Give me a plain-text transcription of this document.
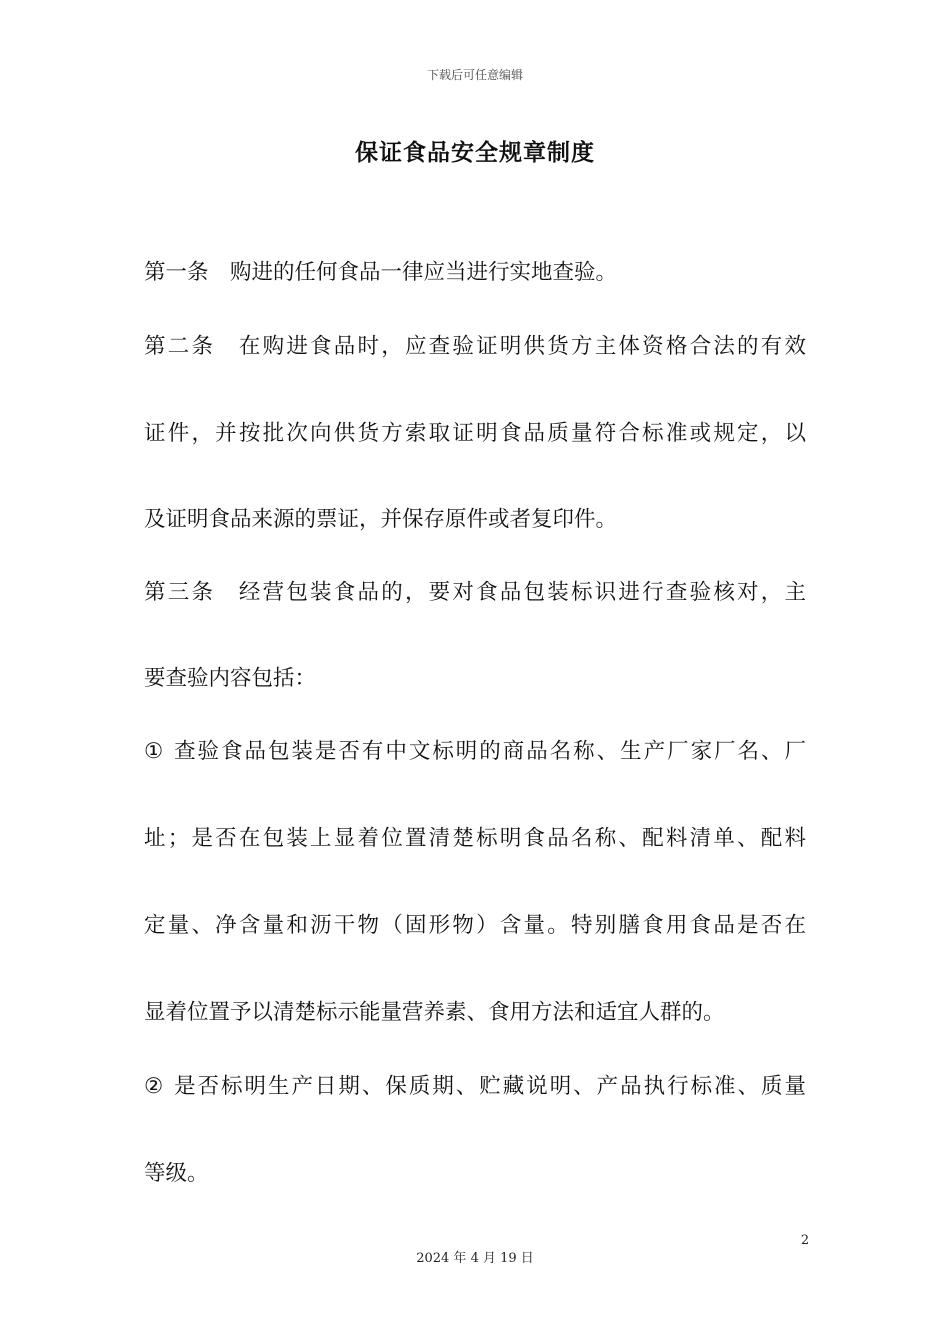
下载后可任意编辑
保证食品安全规章制度
第一条　购进的任何食品一律应当进行实地查验。
第二条　在购进食品时，应查验证明供货方主体资格合法的有效
证件，并按批次向供货方索取证明食品质量符合标准或规定，以
及证明食品来源的票证，并保存原件或者复印件。
第三条　经营包装食品的，要对食品包装标识进行查验核对，主
要查验内容包括：
① 查验食品包装是否有中文标明的商品名称、生产厂家厂名、厂
址；是否在包装上显着位置清楚标明食品名称、配料清单、配料
定量、净含量和沥干物（固形物）含量。特别膳食用食品是否在
显着位置予以清楚标示能量营养素、食用方法和适宜人群的。
② 是否标明生产日期、保质期、贮藏说明、产品执行标准、质量
等级。
2
2024 年 4 月 19 日
